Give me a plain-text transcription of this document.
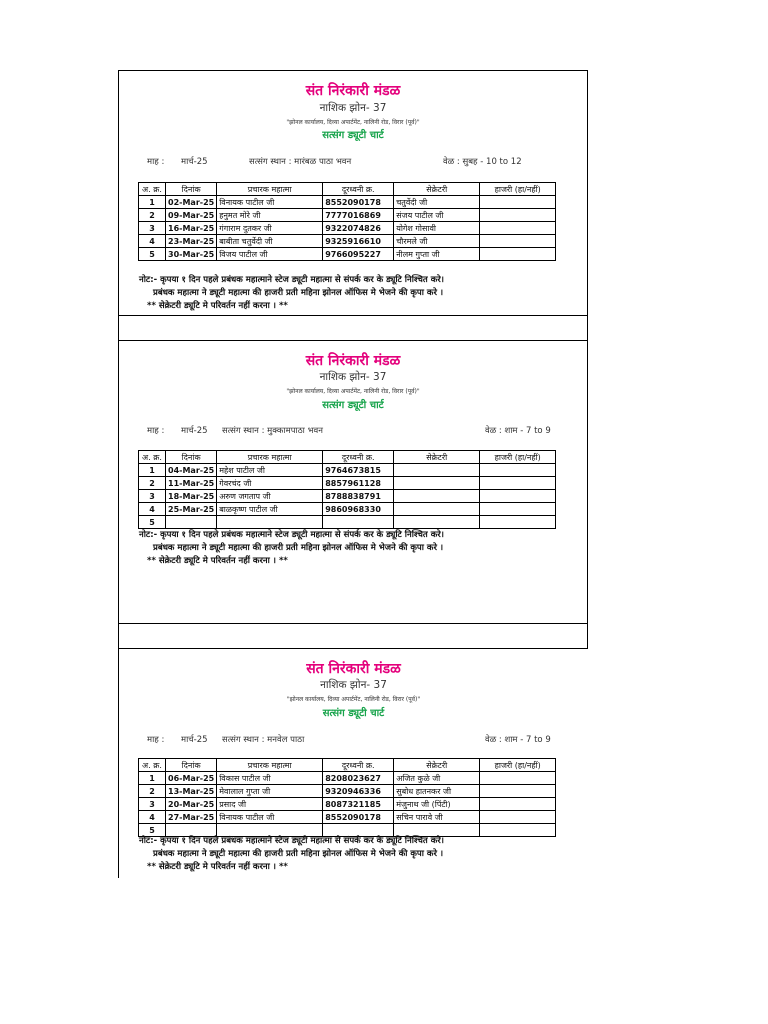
संत निरंकारी मंडळ
नाशिक झोन- 37
"झोनल कार्यालय, दिव्या अपार्टमेंट, नालिनी रोड, विरार (पूर्व)"
सत्संग ड्यूटी चार्ट
माह : मार्च-25	सत्संग स्थान : मारंबळ पाठा भवन	वेळ : सुबह - 10 to 12
अ. क्र.	दिनांक	प्रचारक महात्मा	दूरध्वनी क्र.	सेक्रेटरी	हाजरी (हा/नहीं)
1	02-Mar-25	विनायक पाटील जी	8552090178	चतुर्वेदी जी	
2	09-Mar-25	हनुमत मोरे जी	7777016869	संजय पाटील जी	
3	16-Mar-25	गंगाराम दुतकर जी	9322074826	योगेश गोसावी	
4	23-Mar-25	बाबीता चतुर्वेदी जी	9325916610	चौरमले जी	
5	30-Mar-25	विजय पाटील जी	9766095227	नीलम गुप्ता जी	
नोट:- कृपया १ दिन पहले प्रबंधक महात्माने स्टेज ड्यूटी महात्मा से संपर्क कर के ड्यूटि निश्चित करे।
प्रबंधक महात्मा ने ड्यूटी महात्मा की हाजरी प्रती महिना झोनल ऑफिस मे भेजने की कृपा करे ।
** सेक्रेटरी ड्यूटि मे परिवर्तन नहीं करना । **
संत निरंकारी मंडळ
नाशिक झोन- 37
"झोनल कार्यालय, दिव्या अपार्टमेंट, नालिनी रोड, विरार (पूर्व)"
सत्संग ड्यूटी चार्ट
माह : मार्च-25 सत्संग स्थान : मुक्कामपाठा भवन	वेळ : शाम - 7 to 9
अ. क्र.	दिनांक	प्रचारक महात्मा	दूरध्वनी क्र.	सेक्रेटरी	हाजरी (हा/नहीं)
1	04-Mar-25	महेश पाटील जी	9764673815		
2	11-Mar-25	गेवरचंद जी	8857961128		
3	18-Mar-25	अरुण जगताप जी	8788838791		
4	25-Mar-25	बाळकृष्ण पाटील जी	9860968330		
5					
नोट:- कृपया १ दिन पहले प्रबंधक महात्माने स्टेज ड्यूटी महात्मा से संपर्क कर के ड्यूटि निश्चित करे।
प्रबंधक महात्मा ने ड्यूटी महात्मा की हाजरी प्रती महिना झोनल ऑफिस मे भेजने की कृपा करे ।
** सेक्रेटरी ड्यूटि मे परिवर्तन नहीं करना । **
संत निरंकारी मंडळ
नाशिक झोन- 37
"झोनल कार्यालय, दिव्या अपार्टमेंट, नालिनी रोड, विरार (पूर्व)"
सत्संग ड्यूटी चार्ट
माह : मार्च-25 सत्संग स्थान : मनवेल पाठा	वेळ : शाम - 7 to 9
अ. क्र.	दिनांक	प्रचारक महात्मा	दूरध्वनी क्र.	सेक्रेटरी	हाजरी (हा/नहीं)
1	06-Mar-25	विकास पाटील जी	8208023627	अजित कुळे जी	
2	13-Mar-25	मेवालाल गुप्ता जी	9320946336	सुबोध हातनकर जी	
3	20-Mar-25	प्रसाद जी	8087321185	मंजुनाथ जी (पिंटी)	
4	27-Mar-25	विनायक पाटील जी	8552090178	सचिन पारावे जी	
5					
नोट:- कृपया १ दिन पहले प्रबंधक महात्माने स्टेज ड्यूटी महात्मा से संपर्क कर के ड्यूटि निश्चित करे।
प्रबंधक महात्मा ने ड्यूटी महात्मा की हाजरी प्रती महिना झोनल ऑफिस मे भेजने की कृपा करे ।
** सेक्रेटरी ड्यूटि मे परिवर्तन नहीं करना । **
